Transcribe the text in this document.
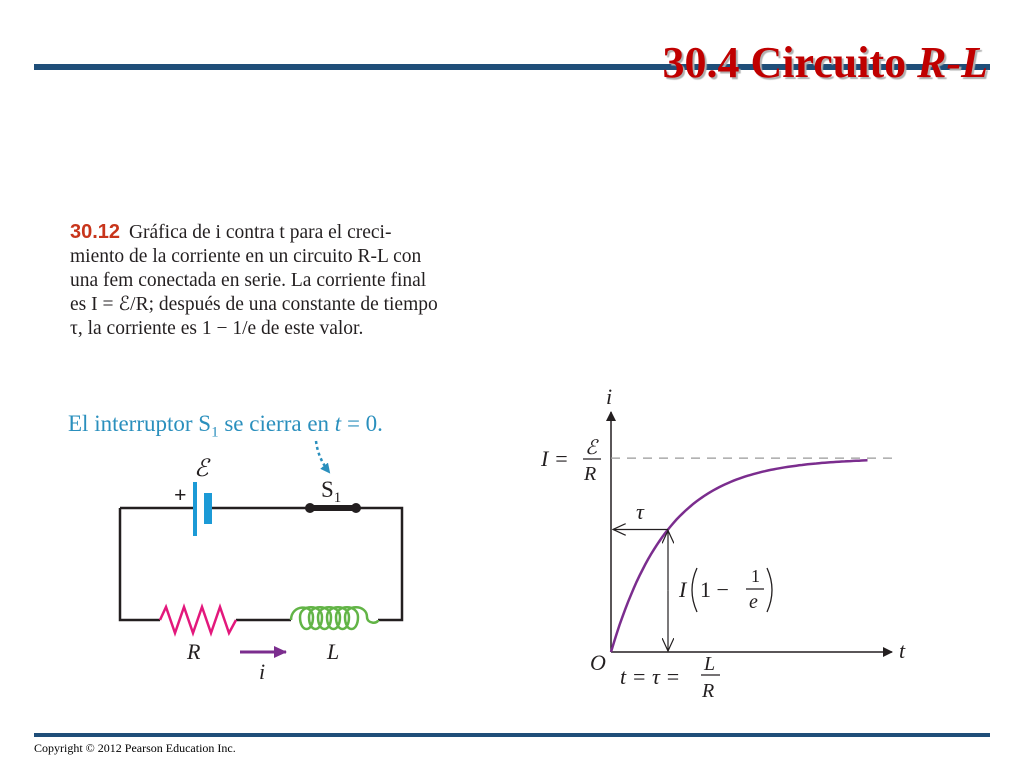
30.4 Circuito R-L
30.12 Gráfica de i contra t para el creci-
miento de la corriente en un circuito R-L con
una fem conectada en serie. La corriente final
es I = ℰ/R; después de una constante de tiempo
τ, la corriente es 1 − 1/e de este valor.

El interruptor $S_1$ se cierra en t = 0.

ℰ
+	$S_1$
R	L
i
i
t
O
I = ℰ
R
τ
I 1 −
1
e
t = τ = L
R
Copyright © 2012 Pearson Education Inc.
